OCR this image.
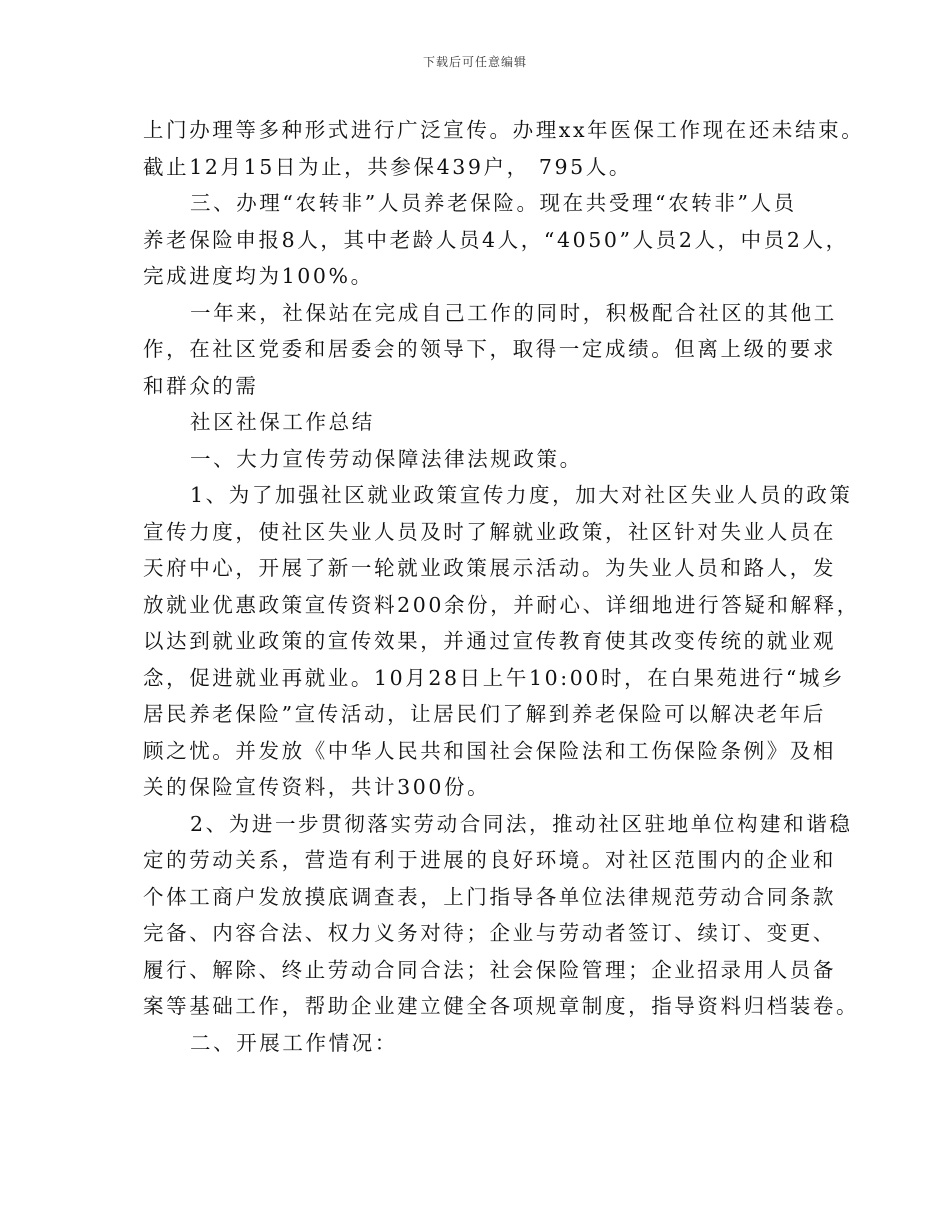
下载后可任意编辑
上门办理等多种形式进行广泛宣传。办理xx年医保工作现在还未结束。
截止12月15日为止，共参保439户， 795人。
三、办理“农转非”人员养老保险。现在共受理“农转非”人员
养老保险申报8人，其中老龄人员4人，“4050”人员2人，中员2人，
完成进度均为100%。
一年来，社保站在完成自己工作的同时，积极配合社区的其他工
作，在社区党委和居委会的领导下，取得一定成绩。但离上级的要求
和群众的需
社区社保工作总结
一、大力宣传劳动保障法律法规政策。
1、为了加强社区就业政策宣传力度，加大对社区失业人员的政策
宣传力度，使社区失业人员及时了解就业政策，社区针对失业人员在
天府中心，开展了新一轮就业政策展示活动。为失业人员和路人，发
放就业优惠政策宣传资料200余份，并耐心、详细地进行答疑和解释，
以达到就业政策的宣传效果，并通过宣传教育使其改变传统的就业观
念，促进就业再就业。10月28日上午10:00时，在白果苑进行“城乡
居民养老保险”宣传活动，让居民们了解到养老保险可以解决老年后
顾之忧。并发放《中华人民共和国社会保险法和工伤保险条例》及相
关的保险宣传资料，共计300份。
2、为进一步贯彻落实劳动合同法，推动社区驻地单位构建和谐稳
定的劳动关系，营造有利于进展的良好环境。对社区范围内的企业和
个体工商户发放摸底调查表，上门指导各单位法律规范劳动合同条款
完备、内容合法、权力义务对待；企业与劳动者签订、续订、变更、
履行、解除、终止劳动合同合法；社会保险管理；企业招录用人员备
案等基础工作，帮助企业建立健全各项规章制度，指导资料归档装卷。
二、开展工作情况：
